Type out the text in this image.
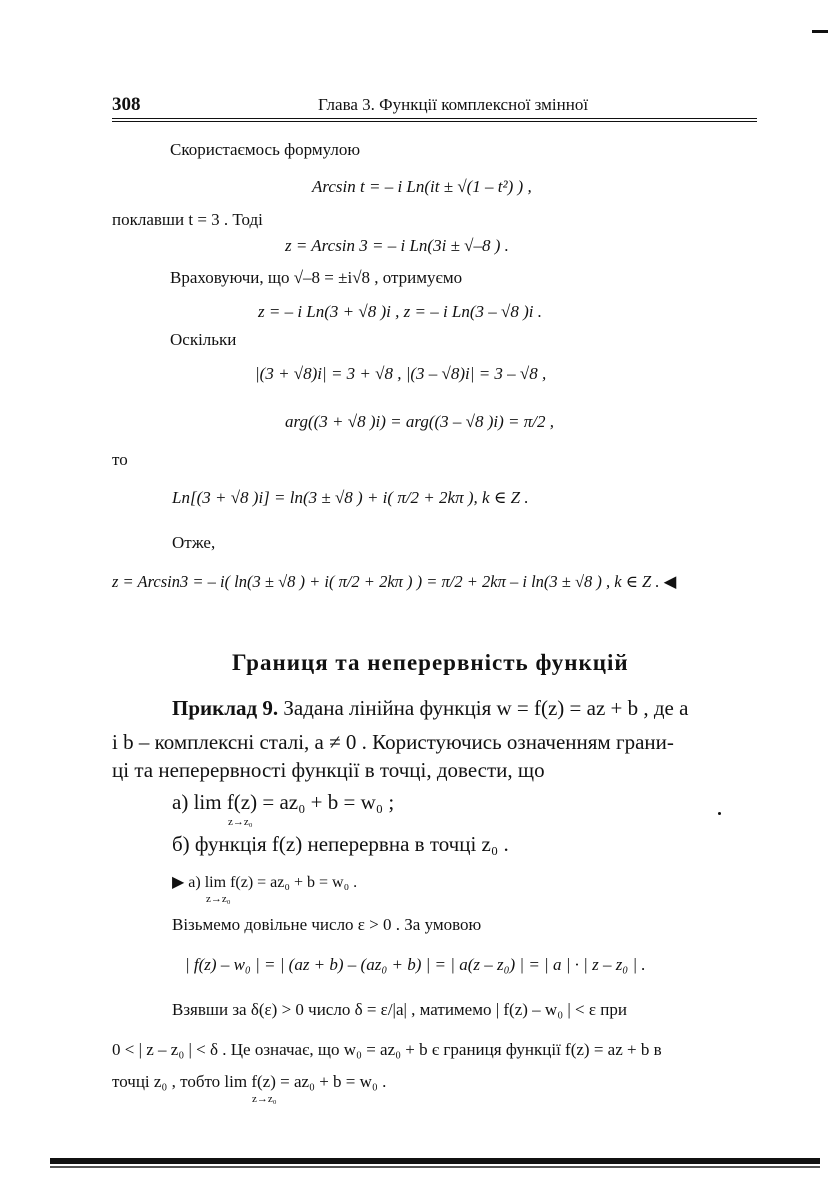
308	Глава 3. Функції комплексної змінної
Скористаємось формулою
Arcsin t = – i Ln(it ± √(1 – t²) ) ,
поклавши t = 3 . Тоді
z = Arcsin 3 = – i Ln(3i ± √–8 ) .
Враховуючи, що √–8 = ±i√8 , отримуємо
z = – i Ln(3 + √8 )i , z = – i Ln(3 – √8 )i .
Оскільки
|(3 + √8)i| = 3 + √8 , |(3 – √8)i| = 3 – √8 ,
arg((3 + √8 )i) = arg((3 – √8 )i) = π/2 ,
то
Ln[(3 + √8 )i] = ln(3 ± √8 ) + i( π/2 + 2kπ ), k ∈ Z .
Отже,
z = Arcsin3 = – i( ln(3 ± √8 ) + i( π/2 + 2kπ ) ) = π/2 + 2kπ – i ln(3 ± √8 ) , k ∈ Z . ◀
Границя та неперервність функцій
Приклад 9. Задана лінійна функція w = f(z) = az + b , де a
і b – комплексні сталі, a ≠ 0 . Користуючись означенням грани-
ці та неперервності функції в точці, довести, що
а) lim f(z) = az₀ + b = w₀ ;
z→z₀
б) функція f(z) неперервна в точці z₀ .
▶ а) lim f(z) = az₀ + b = w₀ .
z→z₀
Візьмемо довільне число ε > 0 . За умовою
| f(z) – w₀ | = | (az + b) – (az₀ + b) | = | a(z – z₀) | = | a | · | z – z₀ | .
Взявши за δ(ε) > 0 число δ = ε/|a| , матимемо | f(z) – w₀ | < ε при
0 < | z – z₀ | < δ . Це означає, що w₀ = az₀ + b є границя функції f(z) = az + b в
точці z₀ , тобто lim f(z) = az₀ + b = w₀ .
z→z₀
